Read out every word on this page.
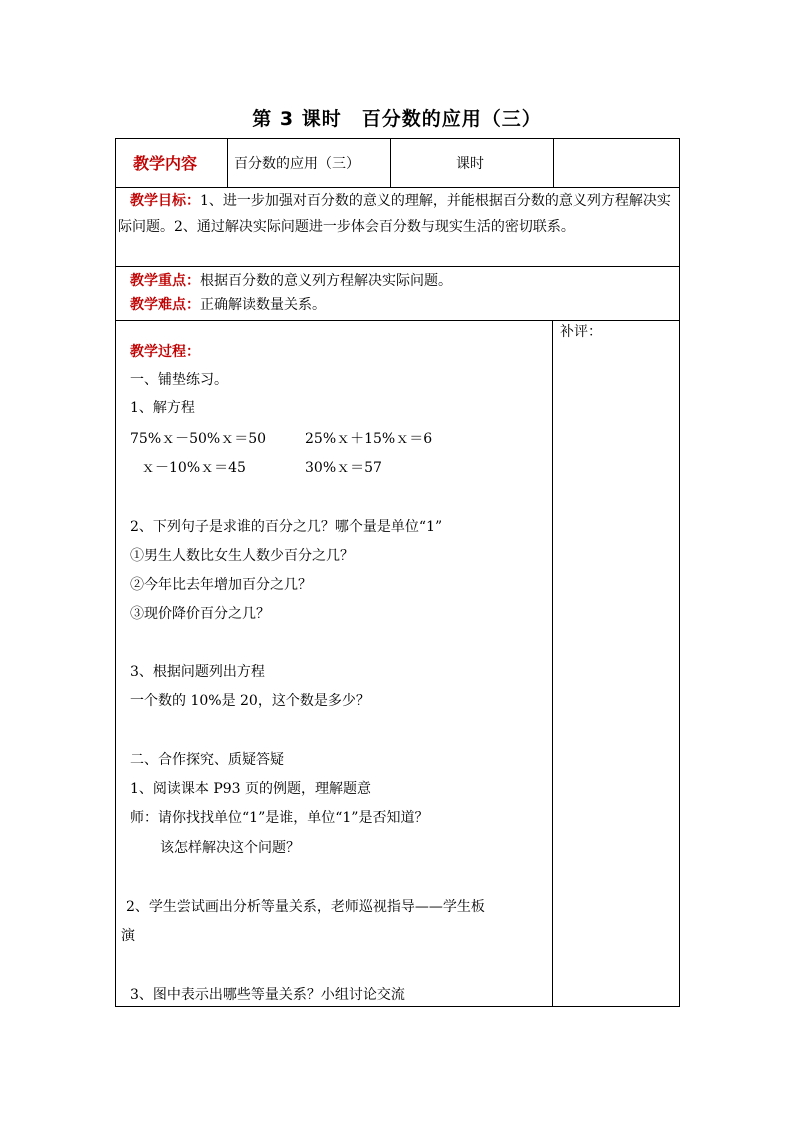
第 3 课时　百分数的应用（三）
教学内容	百分数的应用（三）	课时
教学目标：1、进一步加强对百分数的意义的理解，并能根据百分数的意义列方程解决实际问题。2、通过解决实际问题进一步体会百分数与现实生活的密切联系。
教学重点：根据百分数的意义列方程解决实际问题。
教学难点：正确解读数量关系。
补评：
教学过程：
一、铺垫练习。
1、解方程
75%ｘ－50%ｘ＝50	25%ｘ＋15%ｘ＝6
ｘ－10%ｘ＝45	30%ｘ＝57
2、下列句子是求谁的百分之几？哪个量是单位“1”
①男生人数比女生人数少百分之几？
②今年比去年增加百分之几？
③现价降价百分之几？
3、根据问题列出方程
一个数的 10%是 20，这个数是多少？
二、合作探究、质疑答疑
1、阅读课本 P93 页的例题，理解题意
师：请你找找单位“1”是谁，单位“1”是否知道？
该怎样解决这个问题？
2、学生尝试画出分析等量关系，老师巡视指导——学生板
演
3、图中表示出哪些等量关系？小组讨论交流
